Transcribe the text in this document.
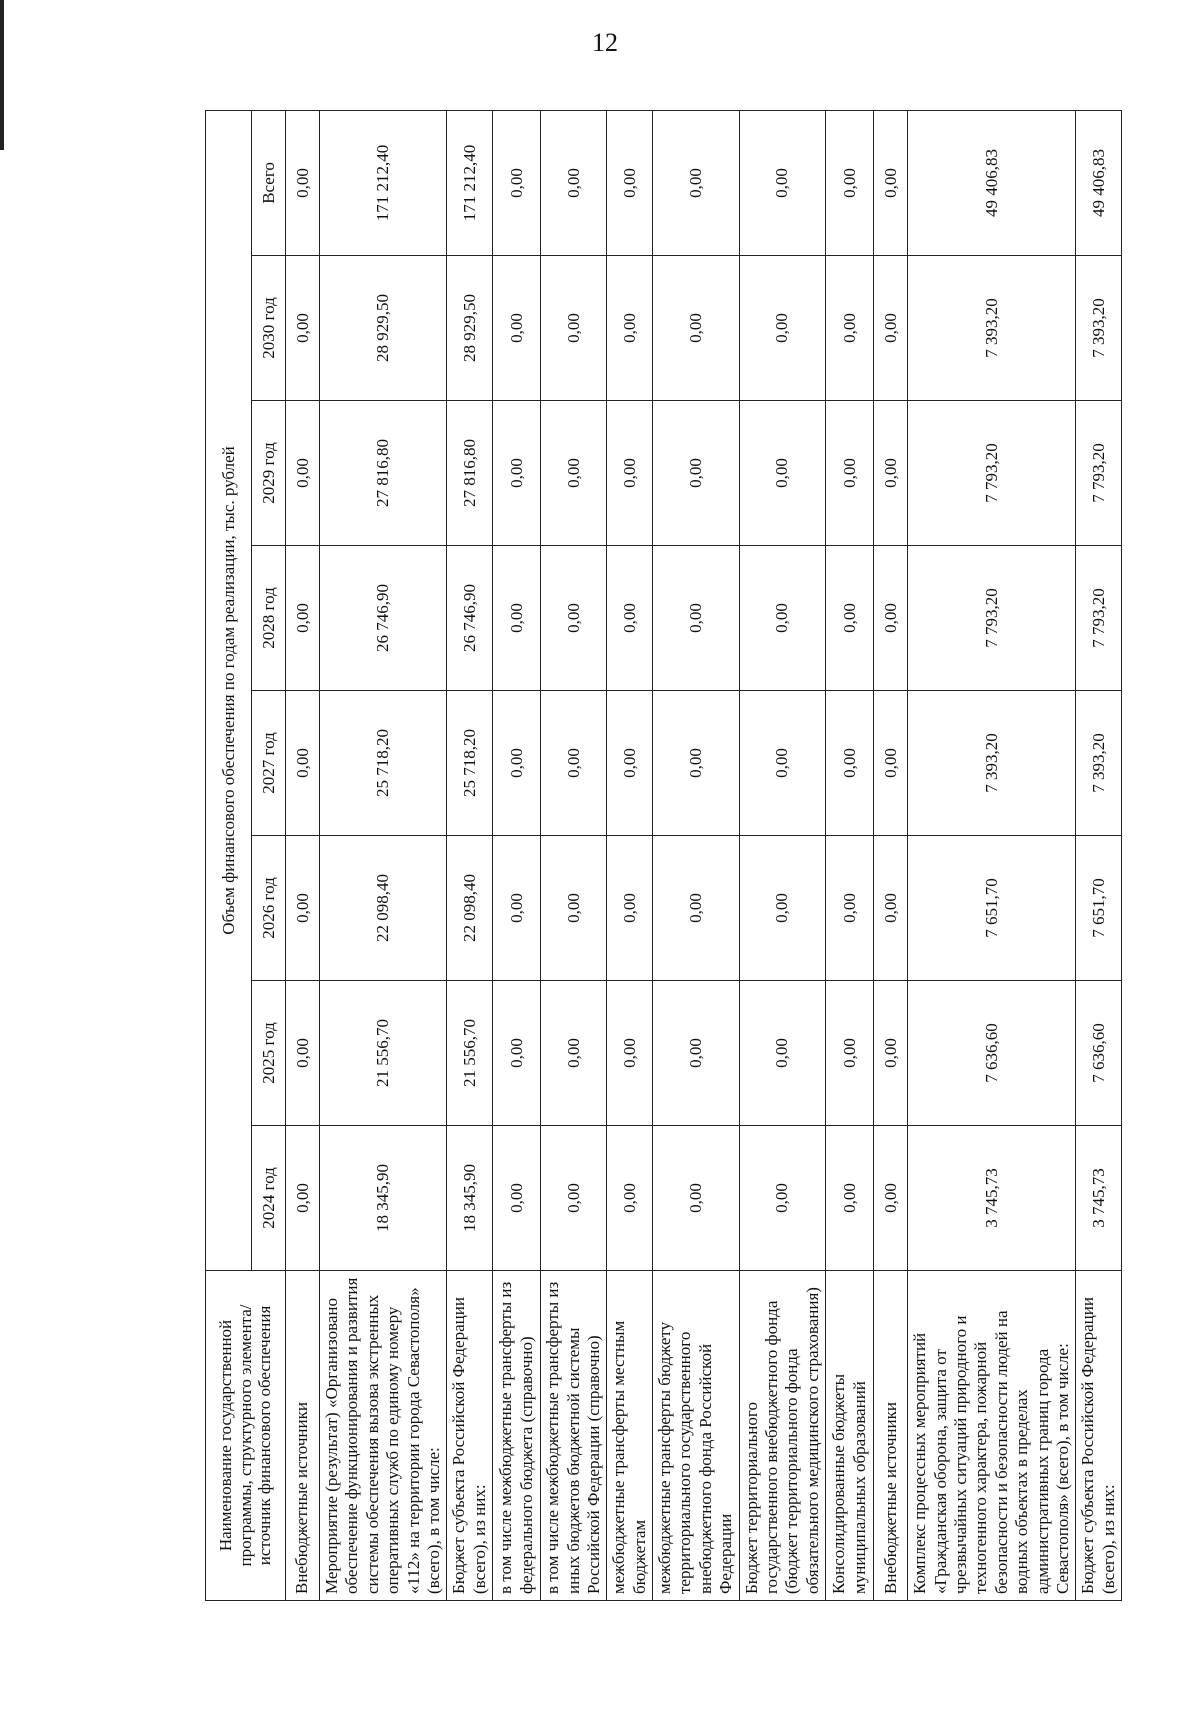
12
Наименование государственной программы, структурного элемента/источник финансового обеспечения	Объем финансового обеспечения по годам реализации, тыс. рублей							
	2024 год	2025 год	2026 год	2027 год	2028 год	2029 год	2030 год	Всего
Внебюджетные источники	0,00	0,00	0,00	0,00	0,00	0,00	0,00	0,00
Мероприятие (результат) «Организовано обеспечение функционирования и развития системы обеспечения вызова экстренных оперативных служб по единому номеру «112» на территории города Севастополя» (всего), в том числе:	18 345,90	21 556,70	22 098,40	25 718,20	26 746,90	27 816,80	28 929,50	171 212,40
Бюджет субъекта Российской Федерации (всего), из них:	18 345,90	21 556,70	22 098,40	25 718,20	26 746,90	27 816,80	28 929,50	171 212,40
в том числе межбюджетные трансферты из федерального бюджета (справочно)	0,00	0,00	0,00	0,00	0,00	0,00	0,00	0,00
в том числе межбюджетные трансферты из иных бюджетов бюджетной системы Российской Федерации (справочно)	0,00	0,00	0,00	0,00	0,00	0,00	0,00	0,00
межбюджетные трансферты местным бюджетам	0,00	0,00	0,00	0,00	0,00	0,00	0,00	0,00
межбюджетные трансферты бюджету территориального государственного внебюджетного фонда Российской Федерации	0,00	0,00	0,00	0,00	0,00	0,00	0,00	0,00
Бюджет территориального государственного внебюджетного фонда (бюджет территориального фонда обязательного медицинского страхования)	0,00	0,00	0,00	0,00	0,00	0,00	0,00	0,00
Консолидированные бюджеты муниципальных образований	0,00	0,00	0,00	0,00	0,00	0,00	0,00	0,00
Внебюджетные источники	0,00	0,00	0,00	0,00	0,00	0,00	0,00	0,00
Комплекс процессных мероприятий «Гражданская оборона, защита от чрезвычайных ситуаций природного и техногенного характера, пожарной безопасности и безопасности людей на водных объектах в пределах административных границ города Севастополя» (всего), в том числе:	3 745,73	7 636,60	7 651,70	7 393,20	7 793,20	7 793,20	7 393,20	49 406,83
Бюджет субъекта Российской Федерации (всего), из них:	3 745,73	7 636,60	7 651,70	7 393,20	7 793,20	7 793,20	7 393,20	49 406,83
